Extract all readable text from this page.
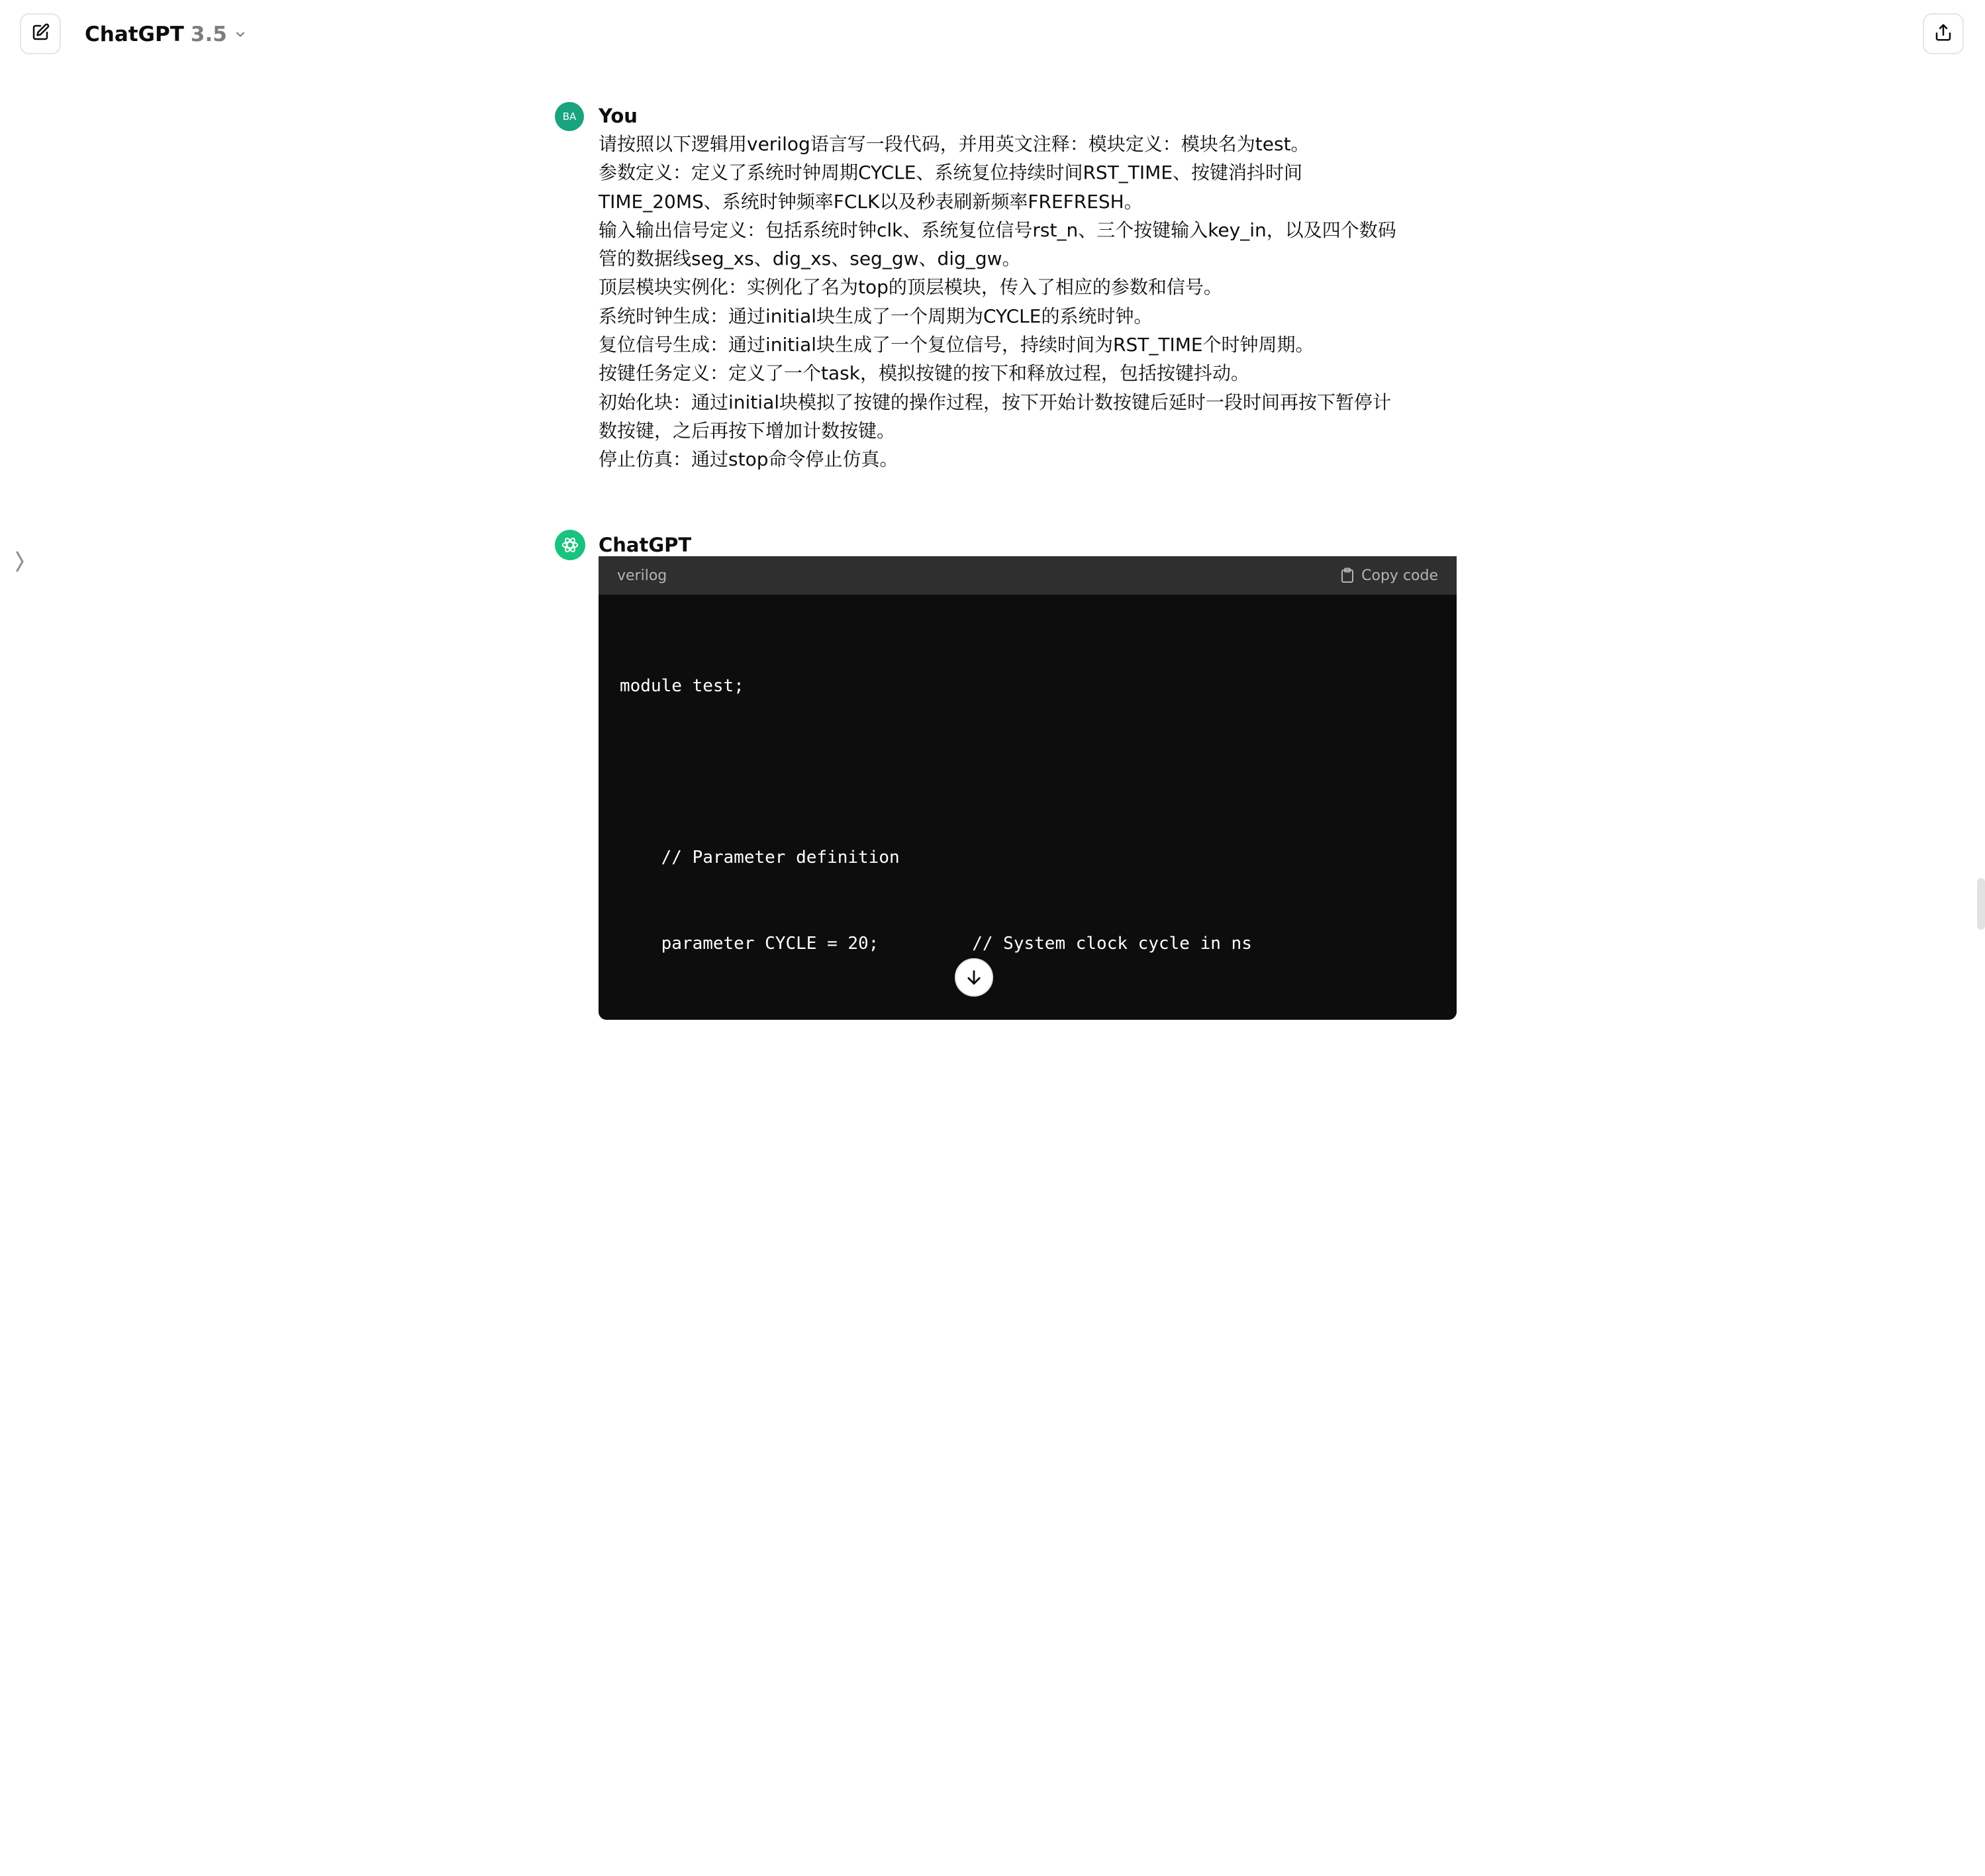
ChatGPT 3.5
BA	You

请按照以下逻辑用verilog语言写一段代码，并用英文注释：模块定义：模块名为test。

参数定义：定义了系统时钟周期CYCLE、系统复位持续时间RST_TIME、按键消抖时间

TIME_20MS、系统时钟频率FCLK以及秒表刷新频率FREFRESH。

输入输出信号定义：包括系统时钟clk、系统复位信号rst_n、三个按键输入key_in，以及四个数码

管的数据线seg_xs、dig_xs、seg_gw、dig_gw。

顶层模块实例化：实例化了名为top的顶层模块，传入了相应的参数和信号。

系统时钟生成：通过initial块生成了一个周期为CYCLE的系统时钟。

复位信号生成：通过initial块生成了一个复位信号，持续时间为RST_TIME个时钟周期。

按键任务定义：定义了一个task，模拟按键的按下和释放过程，包括按键抖动。

初始化块：通过initial块模拟了按键的操作过程，按下开始计数按键后延时一段时间再按下暂停计

数按键，之后再按下增加计数按键。

停止仿真：通过stop命令停止仿真。

ChatGPT
verilog	Copy code

module test;

// Parameter definition

parameter CYCLE = 20;         // System clock cycle in ns

parameter RST_TIME = 1000;     // Reset duration in cycles

parameter TIME_20MS = 20;      // Debounce time in ns

parameter FCLK = 50000000;     // System clock frequency in Hz

parameter FREFRESH = 1000;     // Stopwatch refresh frequency in Hz

// Signal definition

reg clk;                       // System clock

reg rst_n;                     // Reset signal

reg [2:0] key_in;              // Input from keys

wire [6:0] seg_xs, seg_gw;     // Output for segment display (x.xxx and xx.xx)
